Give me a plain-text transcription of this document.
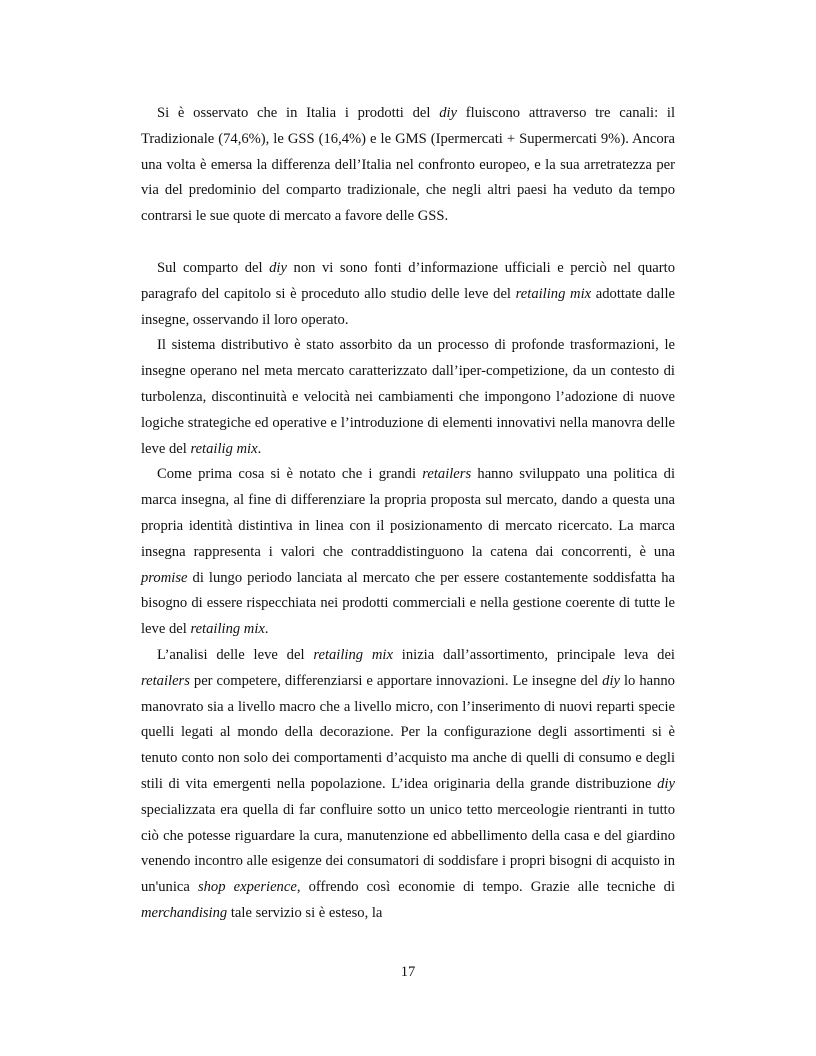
Si è osservato che in Italia i prodotti del diy fluiscono attraverso tre canali: il Tradizionale (74,6%), le GSS (16,4%) e le GMS (Ipermercati + Supermercati 9%). Ancora una volta è emersa la differenza dell’Italia nel confronto europeo, e la sua arretratezza per via del predominio del comparto tradizionale, che negli altri paesi ha veduto da tempo contrarsi le sue quote di mercato a favore delle GSS.

Sul comparto del diy non vi sono fonti d’informazione ufficiali e perciò nel quarto paragrafo del capitolo si è proceduto allo studio delle leve del retailing mix adottate dalle insegne, osservando il loro operato.

Il sistema distributivo è stato assorbito da un processo di profonde trasformazioni, le insegne operano nel meta mercato caratterizzato dall’iper-competizione, da un contesto di turbolenza, discontinuità e velocità nei cambiamenti che impongono l’adozione di nuove logiche strategiche ed operative e l’introduzione di elementi innovativi nella manovra delle leve del retailig mix.

Come prima cosa si è notato che i grandi retailers hanno sviluppato una politica di marca insegna, al fine di differenziare la propria proposta sul mercato, dando a questa una propria identità distintiva in linea con il posizionamento di mercato ricercato. La marca insegna rappresenta i valori che contraddistinguono la catena dai concorrenti, è una promise di lungo periodo lanciata al mercato che per essere costantemente soddisfatta ha bisogno di essere rispecchiata nei prodotti commerciali e nella gestione coerente di tutte le leve del retailing mix.

L’analisi delle leve del retailing mix inizia dall’assortimento, principale leva dei retailers per competere, differenziarsi e apportare innovazioni. Le insegne del diy lo hanno manovrato sia a livello macro che a livello micro, con l’inserimento di nuovi reparti specie quelli legati al mondo della decorazione. Per la configurazione degli assortimenti si è tenuto conto non solo dei comportamenti d’acquisto ma anche di quelli di consumo e degli stili di vita emergenti nella popolazione. L’idea originaria della grande distribuzione diy specializzata era quella di far confluire sotto un unico tetto merceologie rientranti in tutto ciò che potesse riguardare la cura, manutenzione ed abbellimento della casa e del giardino venendo incontro alle esigenze dei consumatori di soddisfare i propri bisogni di acquisto in un'unica shop experience, offrendo così economie di tempo. Grazie alle tecniche di merchandising tale servizio si è esteso, la

17
